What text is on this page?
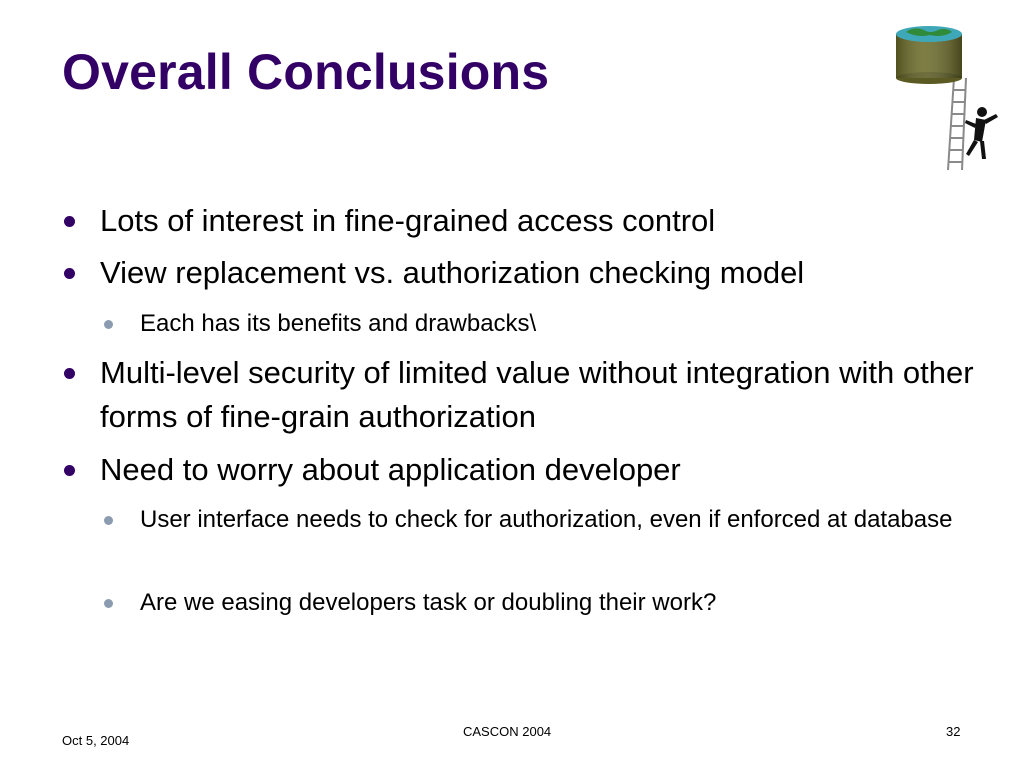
Overall Conclusions
Lots of interest in fine-grained access control
View replacement vs. authorization checking model
Each has its benefits and drawbacks\
Multi-level security of limited value without integration with other forms of fine-grain authorization
Need to worry about application developer
User interface needs to check for authorization, even if enforced at database
Are we easing developers task or doubling their work?
Oct 5, 2004
CASCON 2004	32
